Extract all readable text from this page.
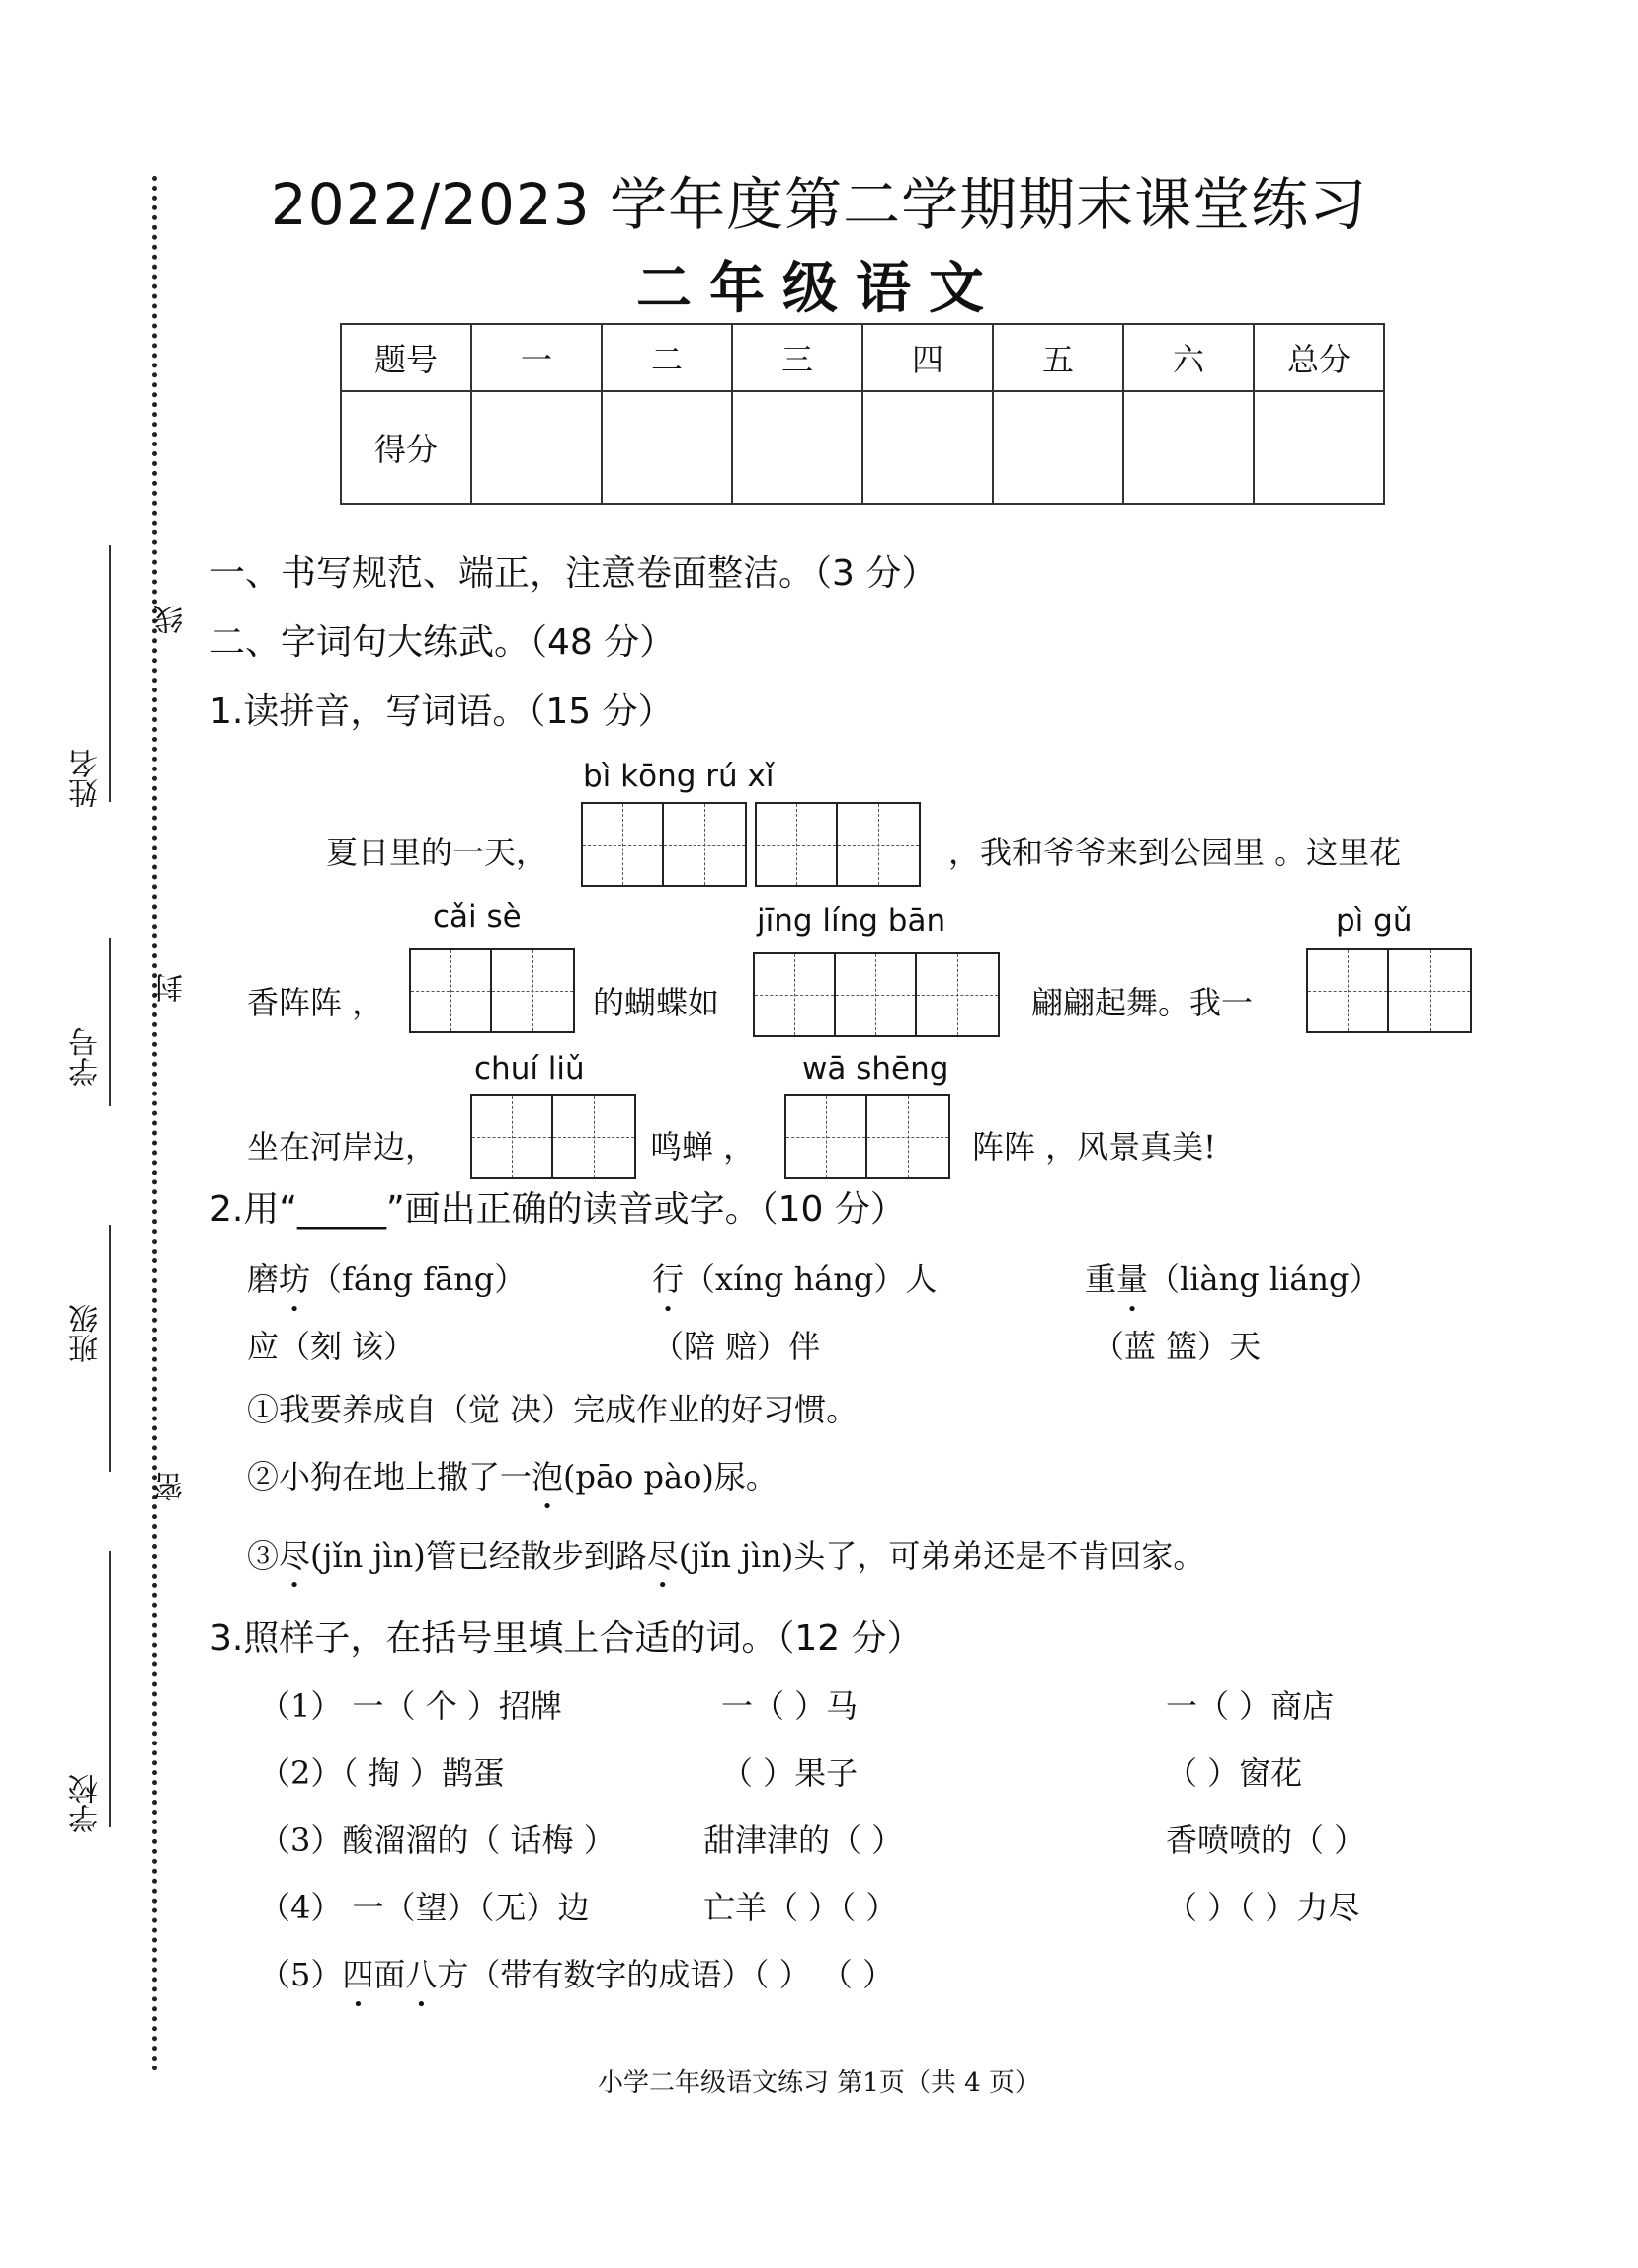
姓名
学号
班级
学校
线
封
密
2022/2023 学年度第二学期期末课堂练习
二年级语文
题号	一	二	三	四	五	六	总分
得分							
一、书写规范、端正，注意卷面整洁。（3 分）
二、字词句大练武。（48 分）
1.读拼音，写词语。（15 分）
bì kōng rú xǐ
夏日里的一天，	，我和爷爷来到公园里 。这里花
cǎi sè	jīng líng bān	pì gǔ
香阵阵 ，	的蝴蝶如	翩翩起舞。我一
chuí liǔ	wā shēng
坐在河岸边，	鸣蝉 ，	阵阵 ，风景真美!
2.用“_____”画出正确的读音或字。（10 分）
磨坊（fáng fāng）	行（xíng háng）人	重量（liàng liáng）
应（刻 该）	（陪 赔）伴	（蓝 篮）天
①我要养成自（觉 决）完成作业的好习惯。
②小狗在地上撒了一泡(pāo pào)尿。
③尽(jǐn jìn)管已经散步到路尽(jǐn jìn)头了，可弟弟还是不肯回家。
3.照样子，在括号里填上合适的词。（12 分）
（1） 一（ 个 ）招牌	一（ ）马	一（ ）商店
（2）（ 掏 ）鹊蛋	（ ）果子	（ ）窗花
（3）酸溜溜的（ 话梅 ）	甜津津的（ ）	香喷喷的（ ）
（4） 一（望）（无）边	亡羊（ ）（ ）	（ ）（ ）力尽
（5）四面八方（带有数字的成语）（ ） （ ）
小学二年级语文练习 第1页（共 4 页）
